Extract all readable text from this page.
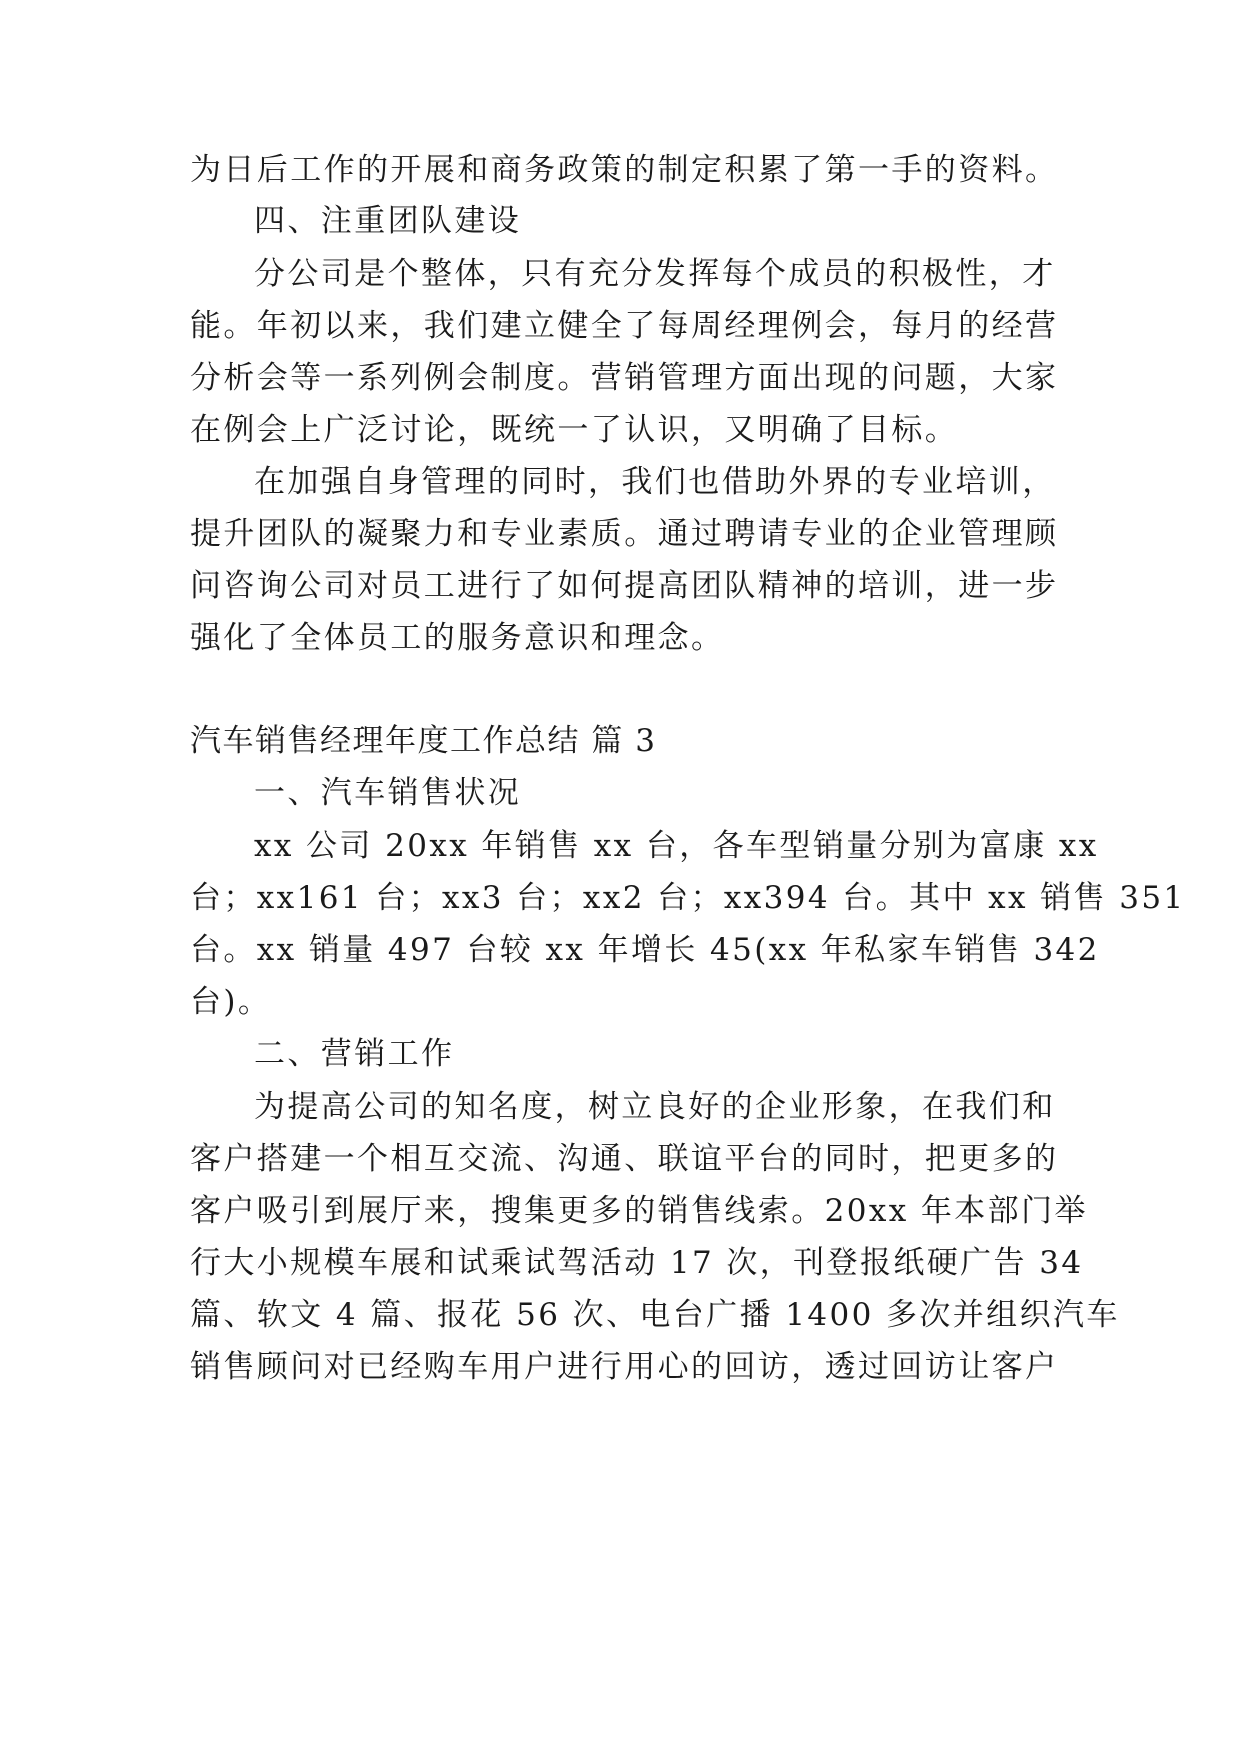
为日后工作的开展和商务政策的制定积累了第一手的资料。
四、注重团队建设
分公司是个整体，只有充分发挥每个成员的积极性，才
能。年初以来，我们建立健全了每周经理例会，每月的经营
分析会等一系列例会制度。营销管理方面出现的问题，大家
在例会上广泛讨论，既统一了认识，又明确了目标。
在加强自身管理的同时，我们也借助外界的专业培训，
提升团队的凝聚力和专业素质。通过聘请专业的企业管理顾
问咨询公司对员工进行了如何提高团队精神的培训，进一步
强化了全体员工的服务意识和理念。
汽车销售经理年度工作总结 篇 3
一、汽车销售状况
xx 公司 20xx 年销售 xx 台，各车型销量分别为富康 xx
台；xx161 台；xx3 台；xx2 台；xx394 台。其中 xx 销售 351
台。xx 销量 497 台较 xx 年增长 45(xx 年私家车销售 342
台)。
二、营销工作
为提高公司的知名度，树立良好的企业形象，在我们和
客户搭建一个相互交流、沟通、联谊平台的同时，把更多的
客户吸引到展厅来，搜集更多的销售线索。20xx 年本部门举
行大小规模车展和试乘试驾活动 17 次，刊登报纸硬广告 34
篇、软文 4 篇、报花 56 次、电台广播 1400 多次并组织汽车
销售顾问对已经购车用户进行用心的回访，透过回访让客户
